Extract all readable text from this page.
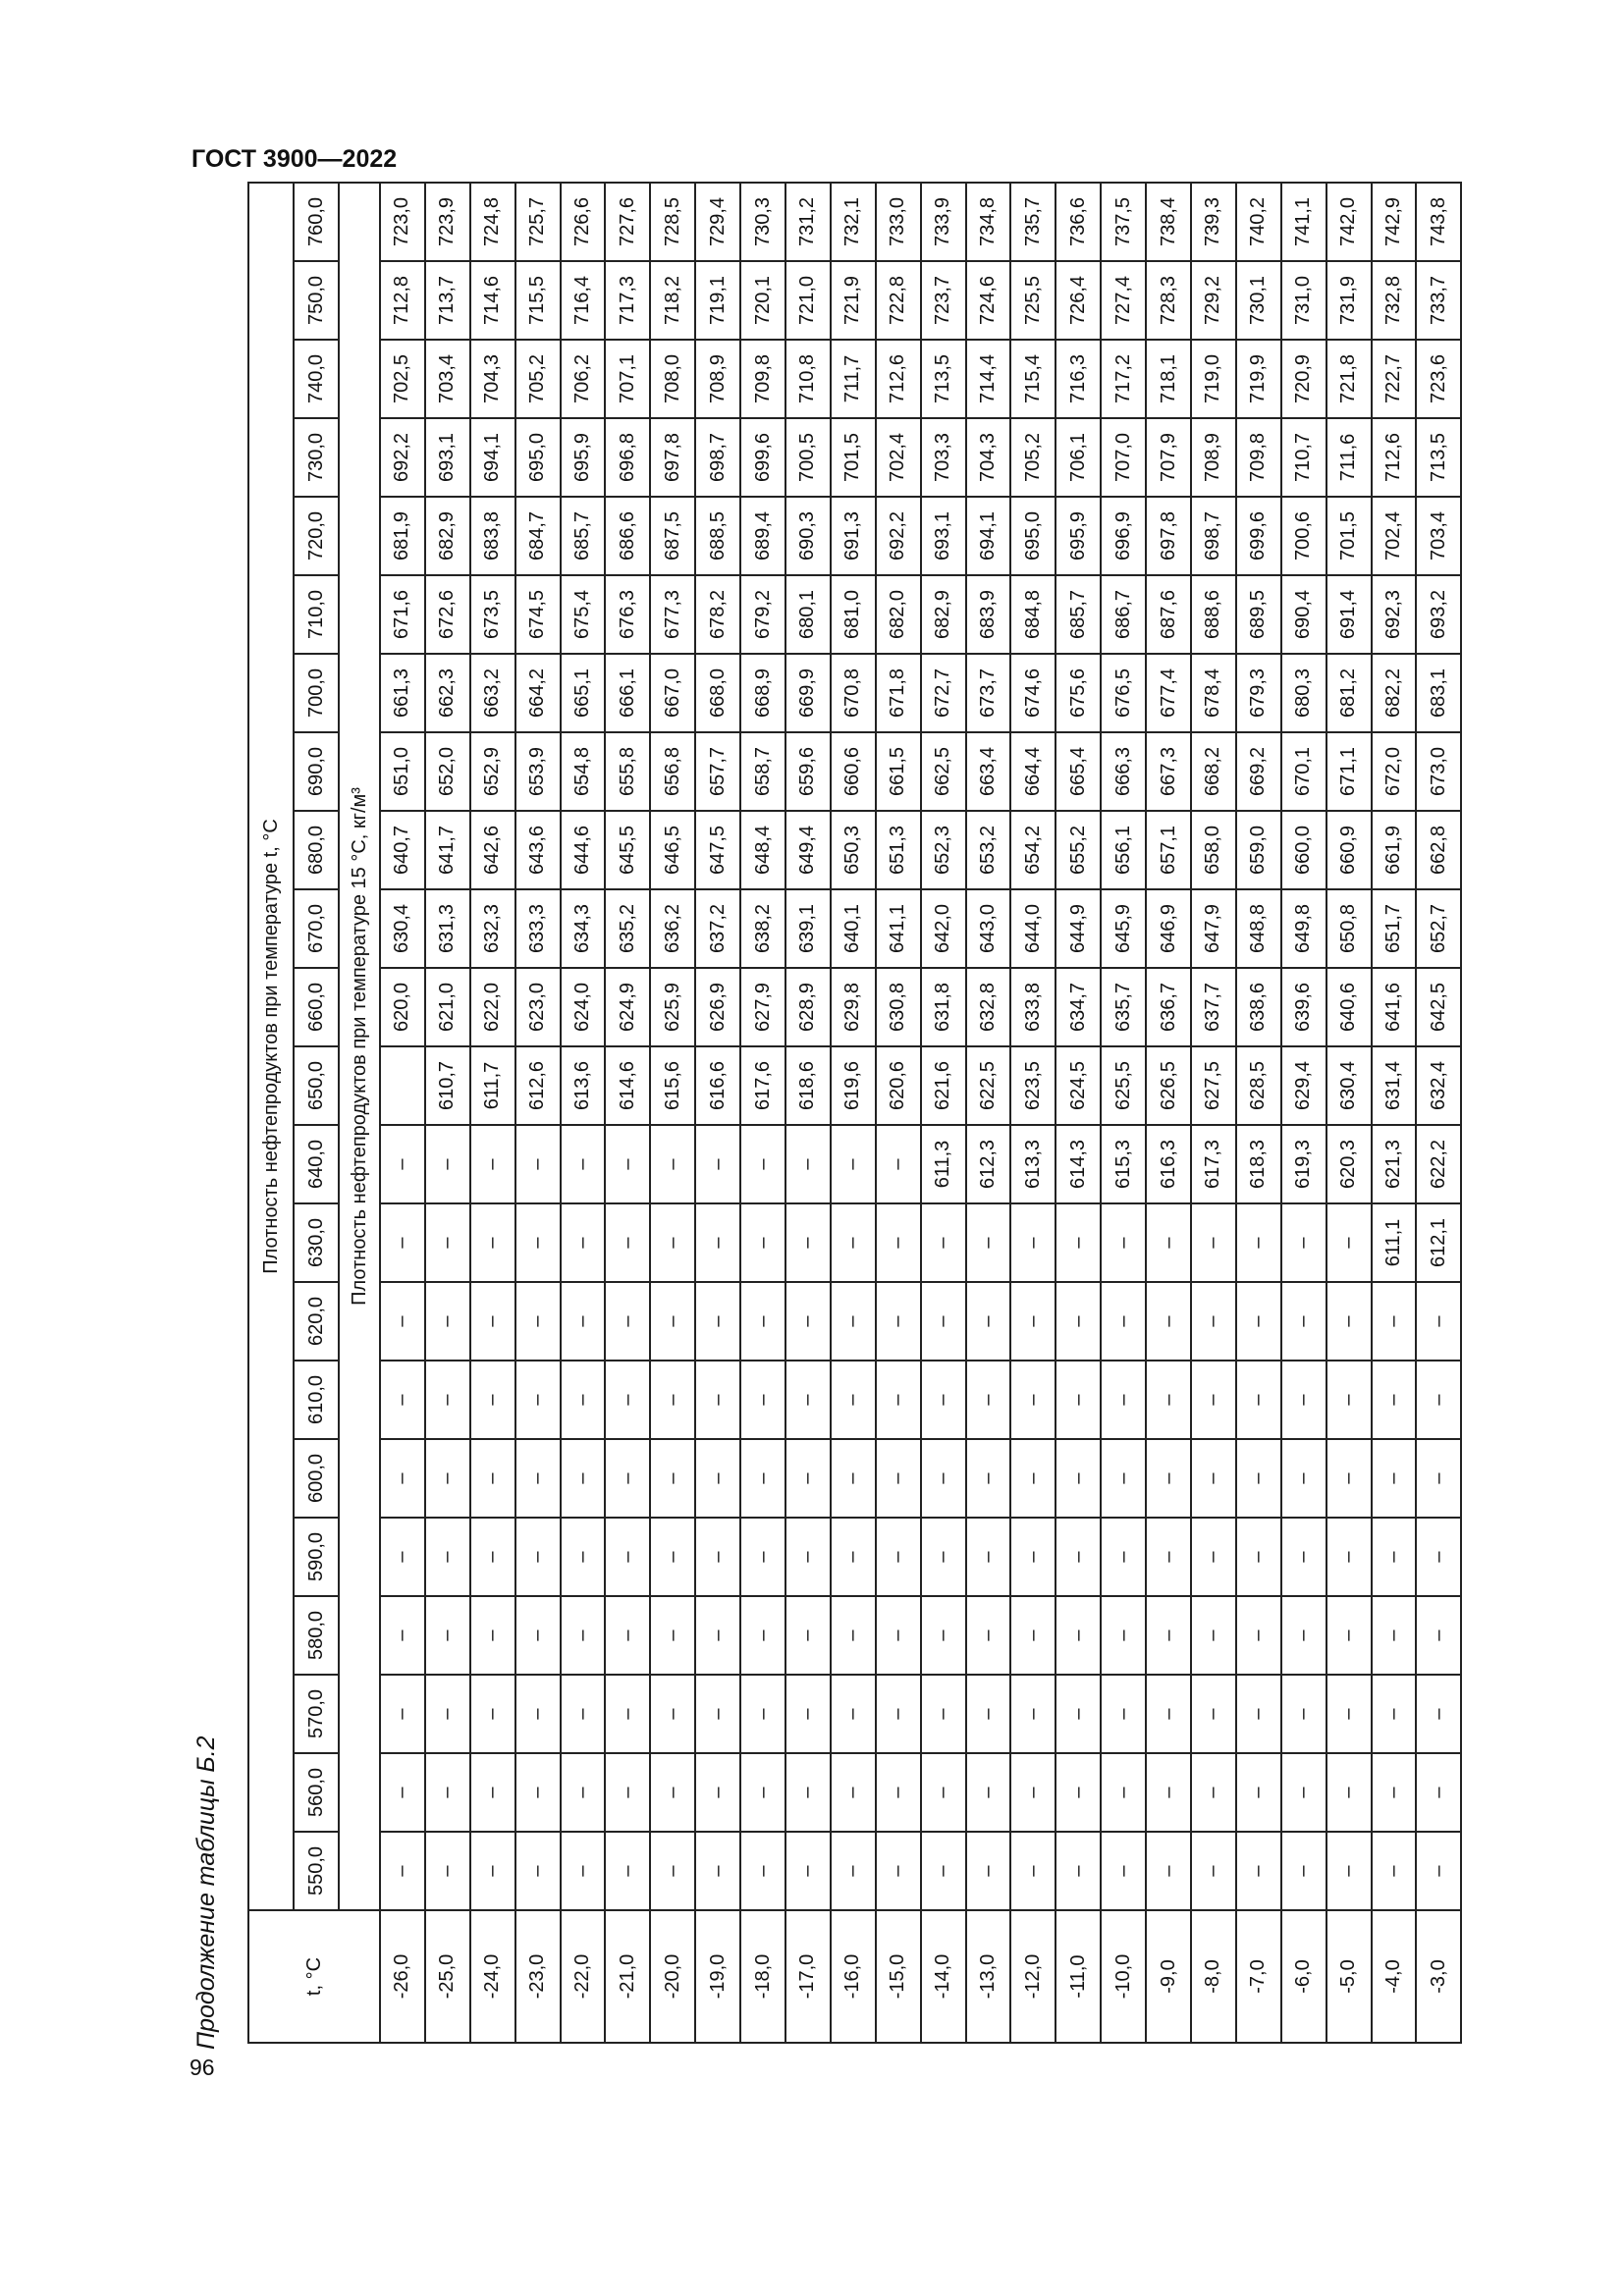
ГОСТ 3900—2022
96
Продолжение таблицы Б.2	t, °C	Плотность нефтепродуктов при температуре t, °C																					
	550,0	560,0	570,0	580,0	590,0	600,0	610,0	620,0	630,0	640,0	650,0	660,0	670,0	680,0	690,0	700,0	710,0	720,0	730,0	740,0	750,0	760,0
	Плотность нефтепродуктов при температуре 15 °C, кг/м³																					
-26,0	–	–	–	–	–	–	–	–	–	–		620,0	630,4	640,7	651,0	661,3	671,6	681,9	692,2	702,5	712,8	723,0
-25,0	–	–	–	–	–	–	–	–	–	–	610,7	621,0	631,3	641,7	652,0	662,3	672,6	682,9	693,1	703,4	713,7	723,9
-24,0	–	–	–	–	–	–	–	–	–	–	611,7	622,0	632,3	642,6	652,9	663,2	673,5	683,8	694,1	704,3	714,6	724,8
-23,0	–	–	–	–	–	–	–	–	–	–	612,6	623,0	633,3	643,6	653,9	664,2	674,5	684,7	695,0	705,2	715,5	725,7
-22,0	–	–	–	–	–	–	–	–	–	–	613,6	624,0	634,3	644,6	654,8	665,1	675,4	685,7	695,9	706,2	716,4	726,6
-21,0	–	–	–	–	–	–	–	–	–	–	614,6	624,9	635,2	645,5	655,8	666,1	676,3	686,6	696,8	707,1	717,3	727,6
-20,0	–	–	–	–	–	–	–	–	–	–	615,6	625,9	636,2	646,5	656,8	667,0	677,3	687,5	697,8	708,0	718,2	728,5
-19,0	–	–	–	–	–	–	–	–	–	–	616,6	626,9	637,2	647,5	657,7	668,0	678,2	688,5	698,7	708,9	719,1	729,4
-18,0	–	–	–	–	–	–	–	–	–	–	617,6	627,9	638,2	648,4	658,7	668,9	679,2	689,4	699,6	709,8	720,1	730,3
-17,0	–	–	–	–	–	–	–	–	–	–	618,6	628,9	639,1	649,4	659,6	669,9	680,1	690,3	700,5	710,8	721,0	731,2
-16,0	–	–	–	–	–	–	–	–	–	–	619,6	629,8	640,1	650,3	660,6	670,8	681,0	691,3	701,5	711,7	721,9	732,1
-15,0	–	–	–	–	–	–	–	–	–	–	620,6	630,8	641,1	651,3	661,5	671,8	682,0	692,2	702,4	712,6	722,8	733,0
-14,0	–	–	–	–	–	–	–	–	–	611,3	621,6	631,8	642,0	652,3	662,5	672,7	682,9	693,1	703,3	713,5	723,7	733,9
-13,0	–	–	–	–	–	–	–	–	–	612,3	622,5	632,8	643,0	653,2	663,4	673,7	683,9	694,1	704,3	714,4	724,6	734,8
-12,0	–	–	–	–	–	–	–	–	–	613,3	623,5	633,8	644,0	654,2	664,4	674,6	684,8	695,0	705,2	715,4	725,5	735,7
-11,0	–	–	–	–	–	–	–	–	–	614,3	624,5	634,7	644,9	655,2	665,4	675,6	685,7	695,9	706,1	716,3	726,4	736,6
-10,0	–	–	–	–	–	–	–	–	–	615,3	625,5	635,7	645,9	656,1	666,3	676,5	686,7	696,9	707,0	717,2	727,4	737,5
-9,0	–	–	–	–	–	–	–	–	–	616,3	626,5	636,7	646,9	657,1	667,3	677,4	687,6	697,8	707,9	718,1	728,3	738,4
-8,0	–	–	–	–	–	–	–	–	–	617,3	627,5	637,7	647,9	658,0	668,2	678,4	688,6	698,7	708,9	719,0	729,2	739,3
-7,0	–	–	–	–	–	–	–	–	–	618,3	628,5	638,6	648,8	659,0	669,2	679,3	689,5	699,6	709,8	719,9	730,1	740,2
-6,0	–	–	–	–	–	–	–	–	–	619,3	629,4	639,6	649,8	660,0	670,1	680,3	690,4	700,6	710,7	720,9	731,0	741,1
-5,0	–	–	–	–	–	–	–	–	–	620,3	630,4	640,6	650,8	660,9	671,1	681,2	691,4	701,5	711,6	721,8	731,9	742,0
-4,0	–	–	–	–	–	–	–	–	611,1	621,3	631,4	641,6	651,7	661,9	672,0	682,2	692,3	702,4	712,6	722,7	732,8	742,9
-3,0	–	–	–	–	–	–	–	–	612,1	622,2	632,4	642,5	652,7	662,8	673,0	683,1	693,2	703,4	713,5	723,6	733,7	743,8
